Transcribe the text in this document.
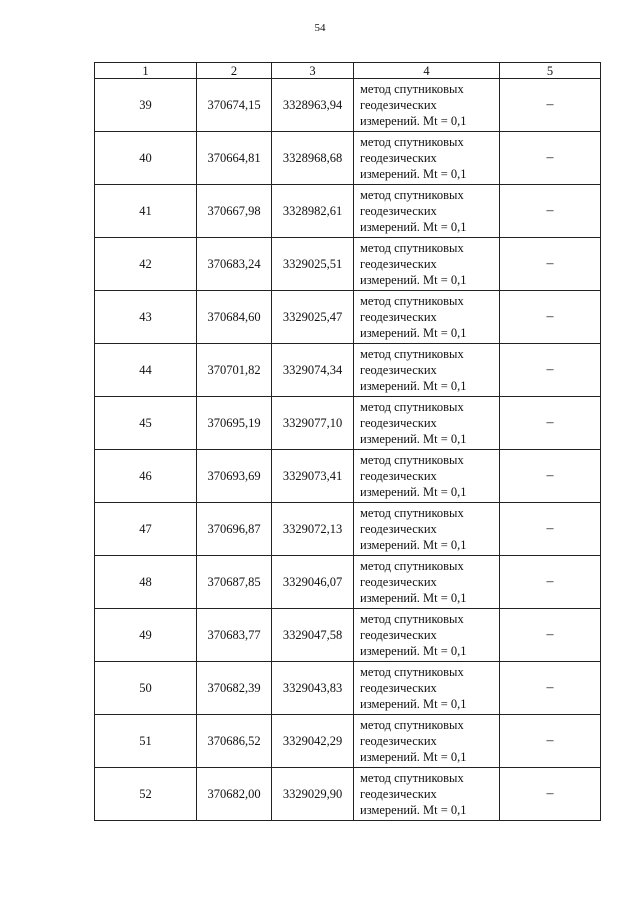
54
1	2	3	4	5
39	370674,15	3328963,94	метод спутниковых
геодезических
измерений. Mt = 0,1	–
40	370664,81	3328968,68	метод спутниковых
геодезических
измерений. Mt = 0,1	–
41	370667,98	3328982,61	метод спутниковых
геодезических
измерений. Mt = 0,1	–
42	370683,24	3329025,51	метод спутниковых
геодезических
измерений. Mt = 0,1	–
43	370684,60	3329025,47	метод спутниковых
геодезических
измерений. Mt = 0,1	–
44	370701,82	3329074,34	метод спутниковых
геодезических
измерений. Mt = 0,1	–
45	370695,19	3329077,10	метод спутниковых
геодезических
измерений. Mt = 0,1	–
46	370693,69	3329073,41	метод спутниковых
геодезических
измерений. Mt = 0,1	–
47	370696,87	3329072,13	метод спутниковых
геодезических
измерений. Mt = 0,1	–
48	370687,85	3329046,07	метод спутниковых
геодезических
измерений. Mt = 0,1	–
49	370683,77	3329047,58	метод спутниковых
геодезических
измерений. Mt = 0,1	–
50	370682,39	3329043,83	метод спутниковых
геодезических
измерений. Mt = 0,1	–
51	370686,52	3329042,29	метод спутниковых
геодезических
измерений. Mt = 0,1	–
52	370682,00	3329029,90	метод спутниковых
геодезических
измерений. Mt = 0,1	–
